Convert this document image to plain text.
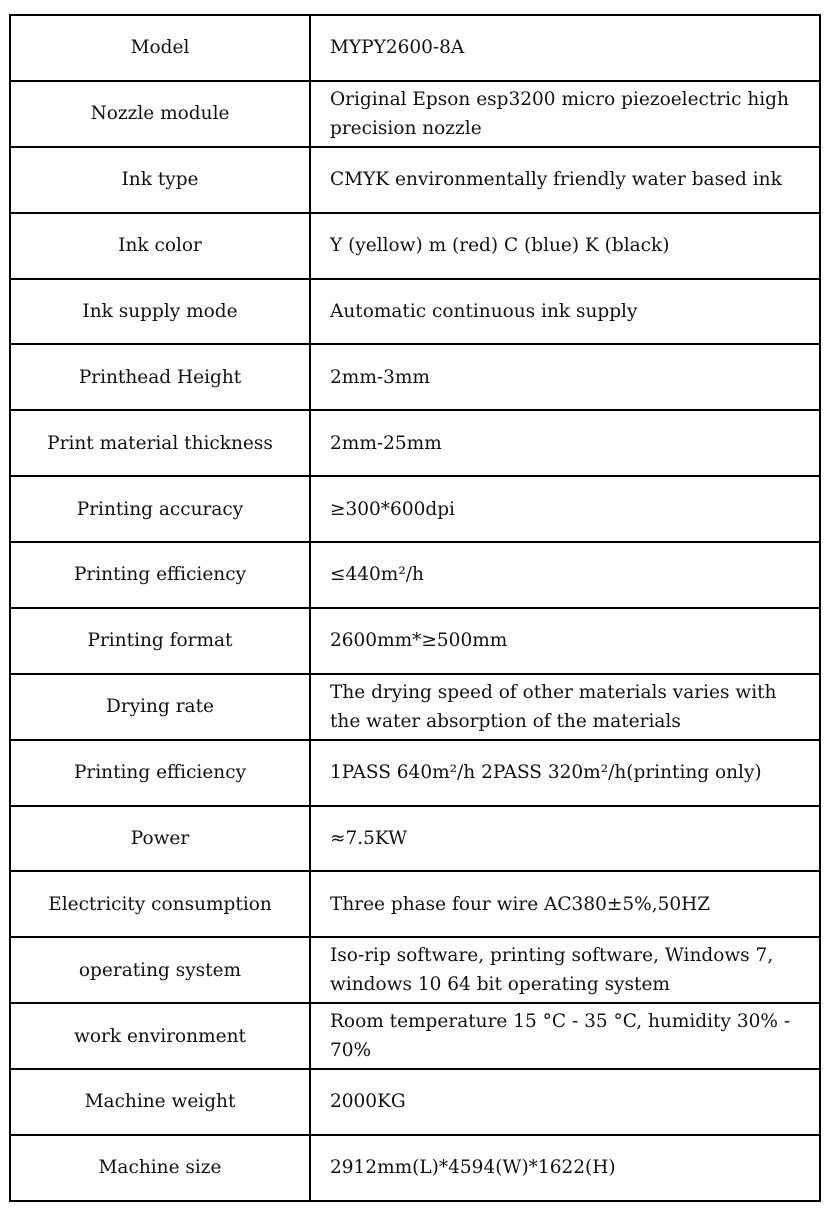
Model	MYPY2600-8A
Nozzle module	Original Epson esp3200 micro piezoelectric high precision nozzle
Ink type	CMYK environmentally friendly water based ink
Ink color	Y (yellow) m (red) C (blue) K (black)
Ink supply mode	Automatic continuous ink supply
Printhead Height	2mm-3mm
Print material thickness	2mm-25mm
Printing accuracy	≥300*600dpi
Printing efficiency	≤440m²/h
Printing format	2600mm*≥500mm
Drying rate	The drying speed of other materials varies with the water absorption of the materials
Printing efficiency	1PASS 640m²/h 2PASS 320m²/h(printing only)
Power	≈7.5KW
Electricity consumption	Three phase four wire AC380±5%,50HZ
operating system	Iso-rip software, printing software, Windows 7, windows 10 64 bit operating system
work environment	Room temperature 15 °C - 35 °C, humidity 30% - 70%
Machine weight	2000KG
Machine size	2912mm(L)*4594(W)*1622(H)
